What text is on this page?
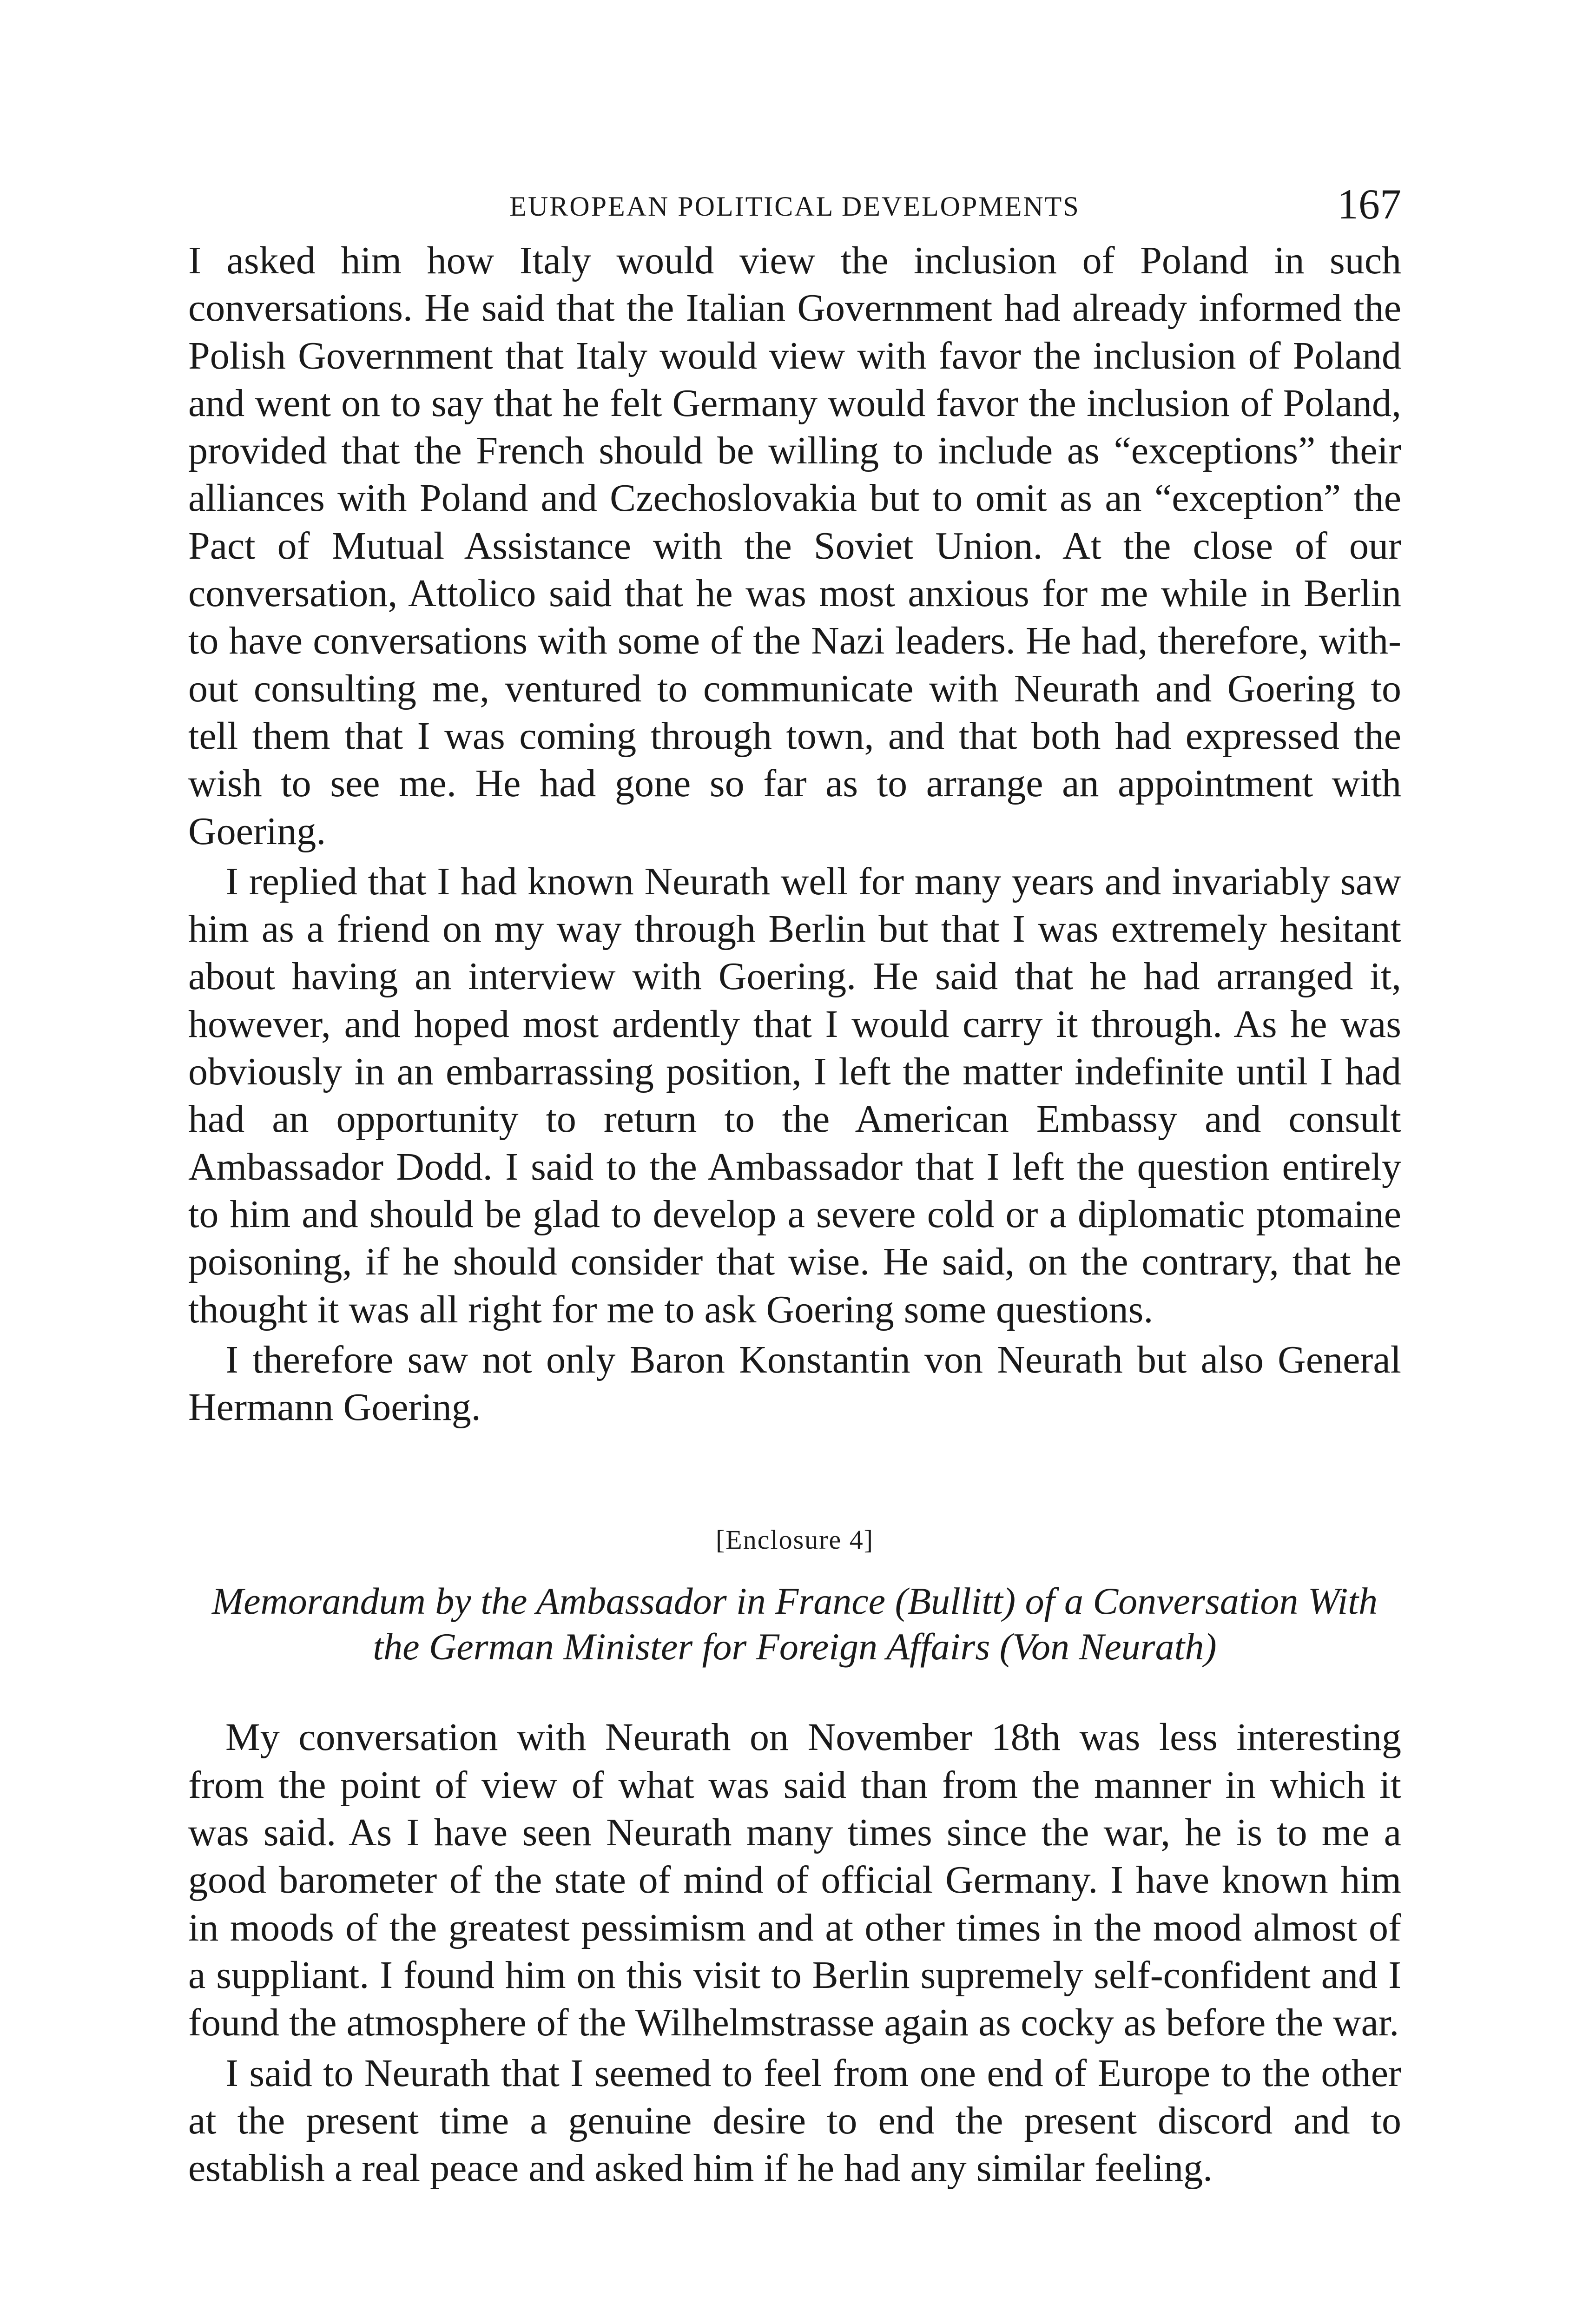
EUROPEAN POLITICAL DEVELOPMENTS	167

I asked him how Italy would view the inclusion of Poland in such conversations. He said that the Italian Government had already informed the Polish Government that Italy would view with favor the inclusion of Poland and went on to say that he felt Germany would favor the inclusion of Poland, provided that the French should be willing to include as “exceptions” their alliances with Poland and Czechoslovakia but to omit as an “exception” the Pact of Mutual Assistance with the Soviet Union. At the close of our conversation, Attolico said that he was most anxious for me while in Berlin to have conversations with some of the Nazi leaders. He had, therefore, without consulting me, ventured to communicate with Neurath and Goering to tell them that I was coming through town, and that both had expressed the wish to see me. He had gone so far as to arrange an appointment with Goering.

I replied that I had known Neurath well for many years and invariably saw him as a friend on my way through Berlin but that I was extremely hesitant about having an interview with Goering. He said that he had arranged it, however, and hoped most ardently that I would carry it through. As he was obviously in an embarrassing position, I left the matter indefinite until I had had an opportunity to return to the American Embassy and consult Ambassador Dodd. I said to the Ambassador that I left the question entirely to him and should be glad to develop a severe cold or a diplomatic ptomaine poisoning, if he should consider that wise. He said, on the contrary, that he thought it was all right for me to ask Goering some questions.

I therefore saw not only Baron Konstantin von Neurath but also General Hermann Goering.

[Enclosure 4]
Memorandum by the Ambassador in France (Bullitt) of a Conversation With the German Minister for Foreign Affairs (Von Neurath)

My conversation with Neurath on November 18th was less interesting from the point of view of what was said than from the manner in which it was said. As I have seen Neurath many times since the war, he is to me a good barometer of the state of mind of official Germany. I have known him in moods of the greatest pessimism and at other times in the mood almost of a suppliant. I found him on this visit to Berlin supremely self-confident and I found the atmosphere of the Wilhelmstrasse again as cocky as before the war.

I said to Neurath that I seemed to feel from one end of Europe to the other at the present time a genuine desire to end the present discord and to establish a real peace and asked him if he had any similar feeling.
